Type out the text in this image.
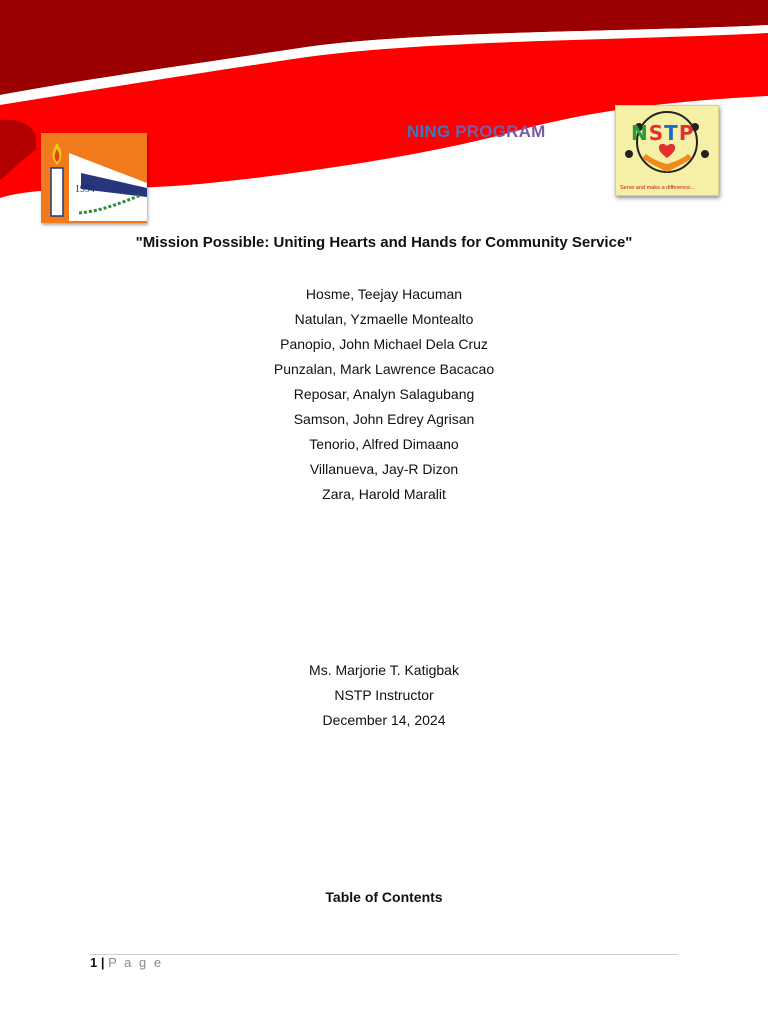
NING PROGRAM
1994
NSTP
Serve and make a difference...
"Mission Possible: Uniting Hearts and Hands for Community Service"
Hosme, Teejay Hacuman
Natulan, Yzmaelle Montealto
Panopio, John Michael Dela Cruz
Punzalan, Mark Lawrence Bacacao
Reposar, Analyn Salagubang
Samson, John Edrey Agrisan
Tenorio, Alfred Dimaano
Villanueva, Jay-R Dizon
Zara, Harold Maralit
Ms. Marjorie T. Katigbak
NSTP Instructor
December 14, 2024
Table of Contents
1 | P a g e
